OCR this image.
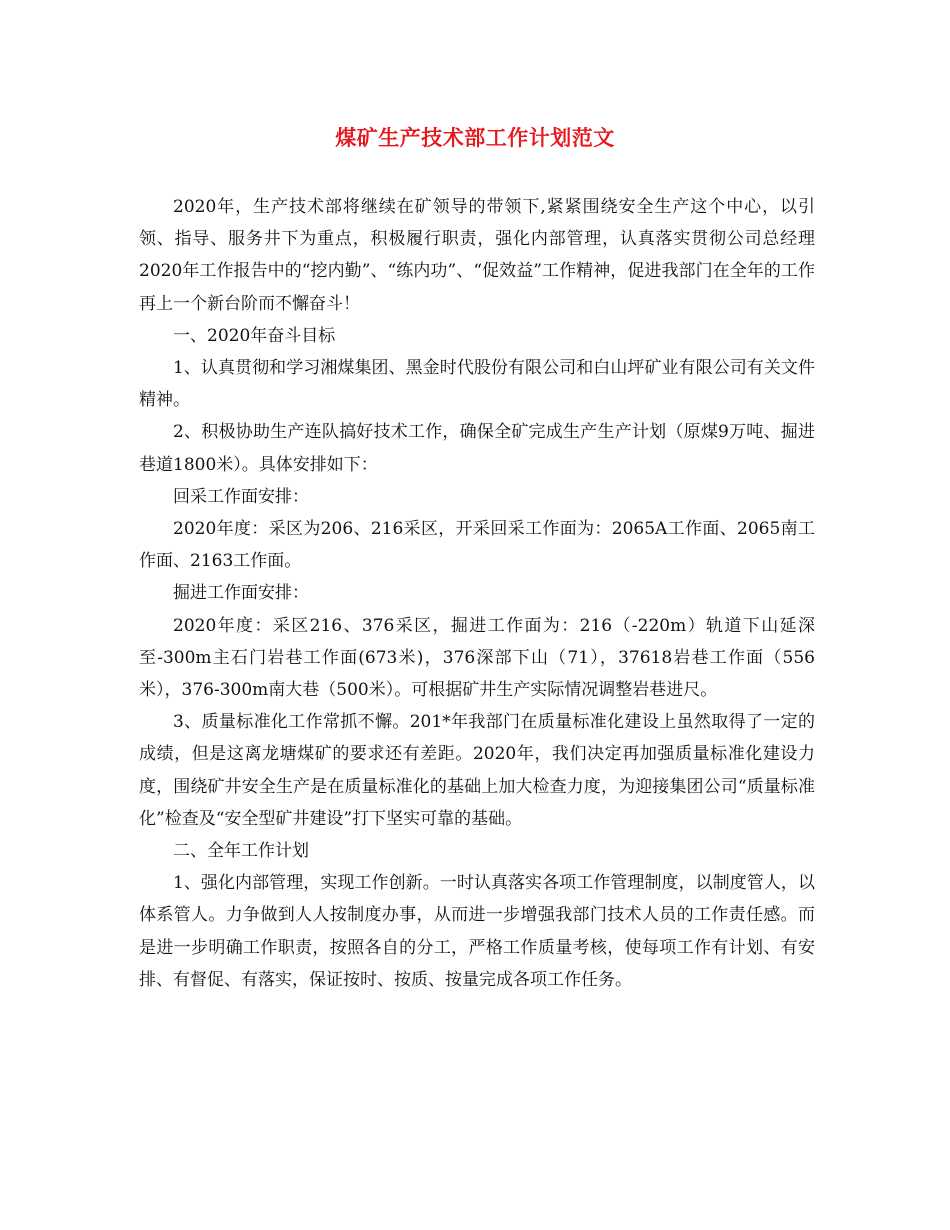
煤矿生产技术部工作计划范文

2020年，生产技术部将继续在矿领导的带领下,紧紧围绕安全生产这个中心，以引领、指导、服务井下为重点，积极履行职责，强化内部管理，认真落实贯彻公司总经理2020年工作报告中的“挖内勤”、“练内功”、“促效益”工作精神，促进我部门在全年的工作再上一个新台阶而不懈奋斗！

一、2020年奋斗目标

1、认真贯彻和学习湘煤集团、黑金时代股份有限公司和白山坪矿业有限公司有关文件精神。

2、积极协助生产连队搞好技术工作，确保全矿完成生产生产计划（原煤9万吨、掘进巷道1800米）。具体安排如下：

回采工作面安排：

2020年度：采区为206、216采区，开采回采工作面为：2065A工作面、2065南工作面、2163工作面。

掘进工作面安排：

2020年度：采区216、376采区，掘进工作面为：216（-220m）轨道下山延深至-300m主石门岩巷工作面(673米)，376深部下山（71），37618岩巷工作面（556米），376-300m南大巷（500米）。可根据矿井生产实际情况调整岩巷进尺。

3、质量标准化工作常抓不懈。201*年我部门在质量标准化建设上虽然取得了一定的成绩，但是这离龙塘煤矿的要求还有差距。2020年，我们决定再加强质量标准化建设力度，围绕矿井安全生产是在质量标准化的基础上加大检查力度，为迎接集团公司“质量标准化”检查及“安全型矿井建设”打下坚实可靠的基础。

二、全年工作计划

1、强化内部管理，实现工作创新。一时认真落实各项工作管理制度，以制度管人，以体系管人。力争做到人人按制度办事，从而进一步增强我部门技术人员的工作责任感。而是进一步明确工作职责，按照各自的分工，严格工作质量考核，使每项工作有计划、有安排、有督促、有落实，保证按时、按质、按量完成各项工作任务。
